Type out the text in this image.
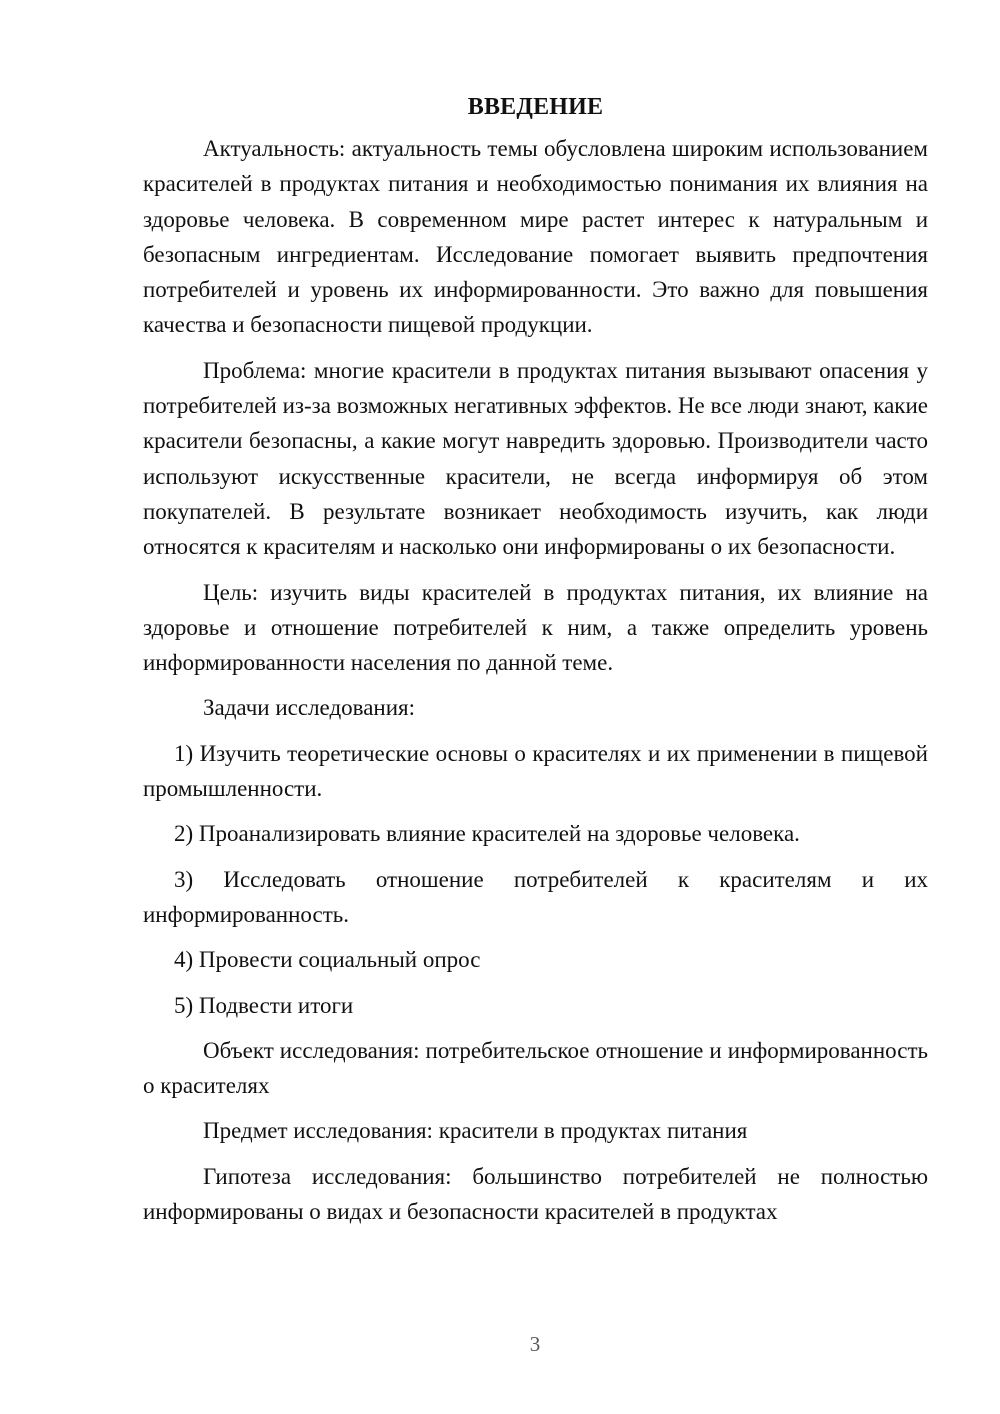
ВВЕДЕНИЕ

Актуальность: актуальность темы обусловлена широким использованием красителей в продуктах питания и необходимостью понимания их влияния на здоровье человека. В современном мире растет интерес к натуральным и безопасным ингредиентам. Исследование помогает выявить предпочтения потребителей и уровень их информированности. Это важно для повышения качества и безопасности пищевой продукции.

Проблема: многие красители в продуктах питания вызывают опасения у потребителей из-за возможных негативных эффектов. Не все люди знают, какие красители безопасны, а какие могут навредить здоровью. Производители часто используют искусственные красители, не всегда информируя об этом покупателей. В результате возникает необходимость изучить, как люди относятся к красителям и насколько они информированы о их безопасности.

Цель: изучить виды красителей в продуктах питания, их влияние на здоровье и отношение потребителей к ним, а также определить уровень информированности населения по данной теме.

Задачи исследования:

1) Изучить теоретические основы о красителях и их применении в пищевой промышленности.

2) Проанализировать влияние красителей на здоровье человека.

3) Исследовать отношение потребителей к красителям и их информированность.

4) Провести социальный опрос

5) Подвести итоги

Объект исследования: потребительское отношение и информированность о красителях

Предмет исследования: красители в продуктах питания

Гипотеза исследования: большинство потребителей не полностью информированы о видах и безопасности красителей в продуктах

3
